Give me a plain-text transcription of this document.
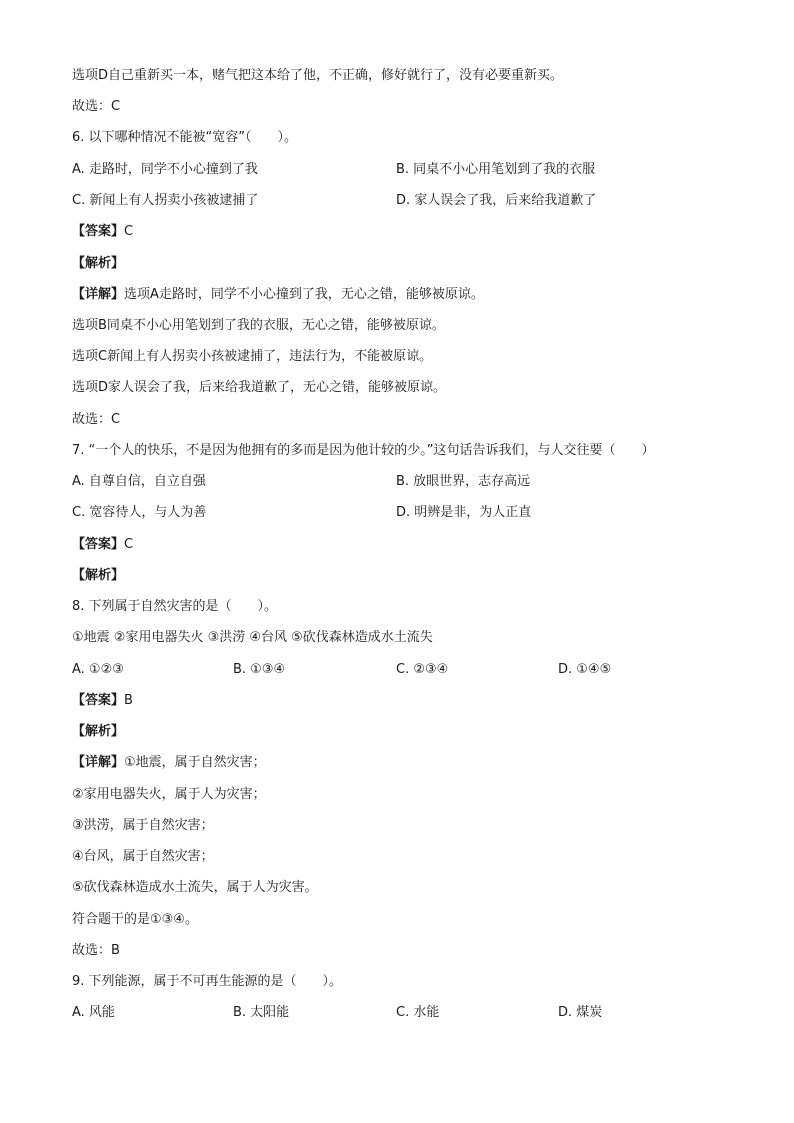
选项D自己重新买一本，赌气把这本给了他，不正确，修好就行了，没有必要重新买。
故选：C
6. 以下哪种情况不能被“宽容”（　　）。
A. 走路时，同学不小心撞到了我	B. 同桌不小心用笔划到了我的衣服
C. 新闻上有人拐卖小孩被逮捕了	D. 家人误会了我，后来给我道歉了
【答案】C
【解析】
【详解】选项A走路时，同学不小心撞到了我，无心之错，能够被原谅。
选项B同桌不小心用笔划到了我的衣服，无心之错，能够被原谅。
选项C新闻上有人拐卖小孩被逮捕了，违法行为，不能被原谅。
选项D家人误会了我，后来给我道歉了，无心之错，能够被原谅。
故选：C
7. “一个人的快乐，不是因为他拥有的多而是因为他计较的少。”这句话告诉我们，与人交往要（　　）
A. 自尊自信，自立自强	B. 放眼世界，志存高远
C. 宽容待人，与人为善	D. 明辨是非，为人正直
【答案】C
【解析】
8. 下列属于自然灾害的是（　　）。
①地震 ②家用电器失火 ③洪涝 ④台风 ⑤砍伐森林造成水土流失
A. ①②③	B. ①③④	C. ②③④	D. ①④⑤
【答案】B
【解析】
【详解】①地震，属于自然灾害；
②家用电器失火，属于人为灾害；
③洪涝，属于自然灾害；
④台风，属于自然灾害；
⑤砍伐森林造成水土流失，属于人为灾害。
符合题干的是①③④。
故选：B
9. 下列能源，属于不可再生能源的是（　　）。
A. 风能	B. 太阳能	C. 水能	D. 煤炭
